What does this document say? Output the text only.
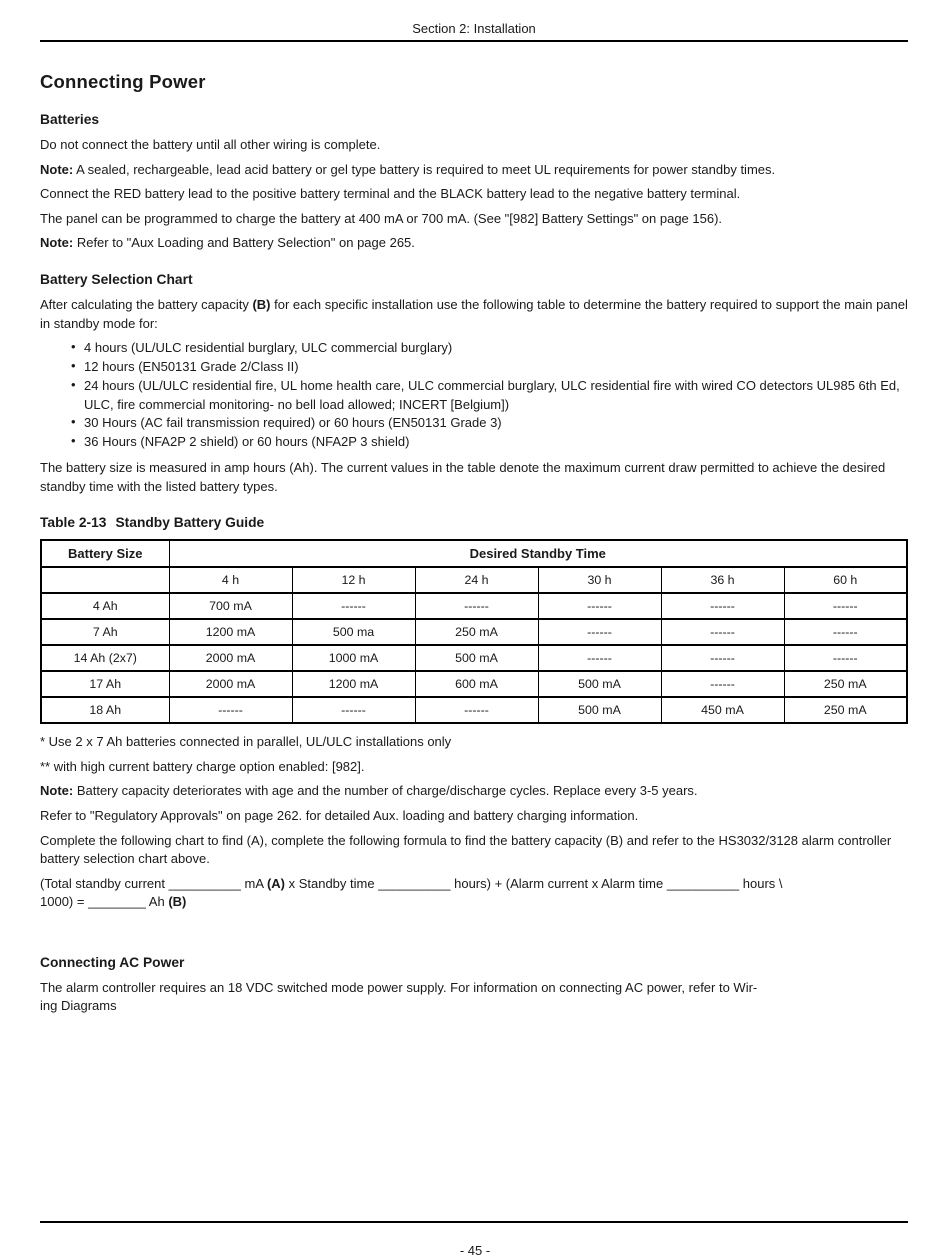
Section 2: Installation
Connecting Power
Batteries

Do not connect the battery until all other wiring is complete.

Note: A sealed, rechargeable, lead acid battery or gel type battery is required to meet UL requirements for power standby times.

Connect the RED battery lead to the positive battery terminal and the BLACK battery lead to the negative battery terminal.

The panel can be programmed to charge the battery at 400 mA or 700 mA. (See "[982] Battery Settings" on page 156).

Note: Refer to "Aux Loading and Battery Selection" on page 265.

Battery Selection Chart

After calculating the battery capacity (B) for each specific installation use the following table to determine the battery required to support the main panel in standby mode for:

• 4 hours (UL/ULC residential burglary, ULC commercial burglary)
• 12 hours (EN50131 Grade 2/Class II)
• 24 hours (UL/ULC residential fire, UL home health care, ULC commercial burglary, ULC residential fire with wired CO detectors UL985 6th Ed, ULC, fire commercial monitoring- no bell load allowed; INCERT [Belgium])
• 30 Hours (AC fail transmission required) or 60 hours (EN50131 Grade 3)
• 36 Hours (NFA2P 2 shield) or 60 hours (NFA2P 3 shield)

The battery size is measured in amp hours (Ah). The current values in the table denote the maximum current draw permitted to achieve the desired standby time with the listed battery types.

Table 2-13 Standby Battery Guide
Battery Size	Desired Standby Time					
	4 h	12 h	24 h	30 h	36 h	60 h
4 Ah	700 mA	------	------	------	------	------
7 Ah	1200 mA	500 ma	250 mA	------	------	------
14 Ah (2x7)	2000 mA	1000 mA	500 mA	------	------	------
17 Ah	2000 mA	1200 mA	600 mA	500 mA	------	250 mA
18 Ah	------	------	------	500 mA	450 mA	250 mA

* Use 2 x 7 Ah batteries connected in parallel, UL/ULC installations only

** with high current battery charge option enabled: [982].

Note: Battery capacity deteriorates with age and the number of charge/discharge cycles. Replace every 3-5 years.

Refer to "Regulatory Approvals" on page 262. for detailed Aux. loading and battery charging information.

Complete the following chart to find (A), complete the following formula to find the battery capacity (B) and refer to the HS3032/3128 alarm controller battery selection chart above.

(Total standby current __________ mA (A) x Standby time __________ hours) + (Alarm current x Alarm time __________ hours \
1000) = ________ Ah (B)

Connecting AC Power

The alarm controller requires an 18 VDC switched mode power supply. For information on connecting AC power, refer to Wir-
ing Diagrams

- 45 -
